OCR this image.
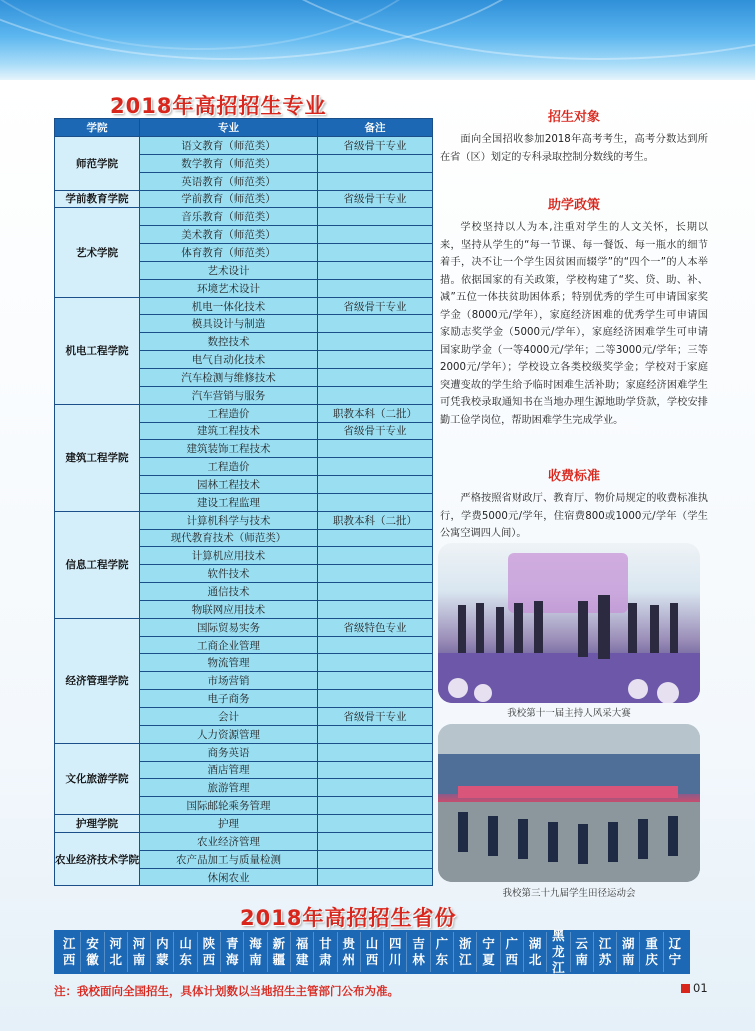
2018年高招招生专业
学院	专业	备注
师范学院	语文教育（师范类）	省级骨干专业
	数学教育（师范类）	
	英语教育（师范类）	
学前教育学院	学前教育（师范类）	省级骨干专业
艺术学院	音乐教育（师范类）	
	美术教育（师范类）	
	体育教育（师范类）	
	艺术设计	
	环境艺术设计	
机电工程学院	机电一体化技术	省级骨干专业
	模具设计与制造	
	数控技术	
	电气自动化技术	
	汽车检测与维修技术	
	汽车营销与服务	
建筑工程学院	工程造价	职教本科（二批）
	建筑工程技术	省级骨干专业
	建筑装饰工程技术	
	工程造价	
	园林工程技术	
	建设工程监理	
信息工程学院	计算机科学与技术	职教本科（二批）
	现代教育技术（师范类）	
	计算机应用技术	
	软件技术	
	通信技术	
	物联网应用技术	
经济管理学院	国际贸易实务	省级特色专业
	工商企业管理	
	物流管理	
	市场营销	
	电子商务	
	会计	省级骨干专业
	人力资源管理	
文化旅游学院	商务英语	
	酒店管理	
	旅游管理	
	国际邮轮乘务管理	
护理学院	护理	
农业经济技术学院	农业经济管理	
	农产品加工与质量检测	
	休闲农业	
招生对象

面向全国招收参加2018年高考考生，高考分数达到所在省（区）划定的专科录取控制分数线的考生。

助学政策

学校坚持以人为本,注重对学生的人文关怀，长期以来，坚持从学生的“每一节课、每一餐饭、每一瓶水的细节着手，决不让一个学生因贫困而辍学”的“四个一”的人本举措。依据国家的有关政策，学校构建了“奖、贷、助、补、减”五位一体扶贫助困体系；特别优秀的学生可申请国家奖学金（8000元/学年），家庭经济困难的优秀学生可申请国家励志奖学金（5000元/学年），家庭经济困难学生可申请国家助学金（一等4000元/学年；二等3000元/学年；三等2000元/学年）；学校设立各类校级奖学金；学校对于家庭突遭变故的学生给予临时困难生活补助；家庭经济困难学生可凭我校录取通知书在当地办理生源地助学贷款，学校安排勤工俭学岗位，帮助困难学生完成学业。

收费标准

严格按照省财政厅、教育厅、物价局规定的收费标准执行，学费5000元/学年，住宿费800或1000元/学年（学生公寓空调四人间）。

我校第十一届主持人风采大赛
我校第三十九届学生田径运动会
2018年高招招生省份
江
西
安
徽
河
北
河
南
内
蒙
山
东
陕
西
青
海
海
南
新
疆
福
建
甘
肃
贵
州
山
西
四
川
吉
林
广
东
浙
江
宁
夏
广
西
湖
北
黑
龙
江
云
南
江
苏
湖
南
重
庆
辽
宁
注：我校面向全国招生，具体计划数以当地招生主管部门公布为准。	01
